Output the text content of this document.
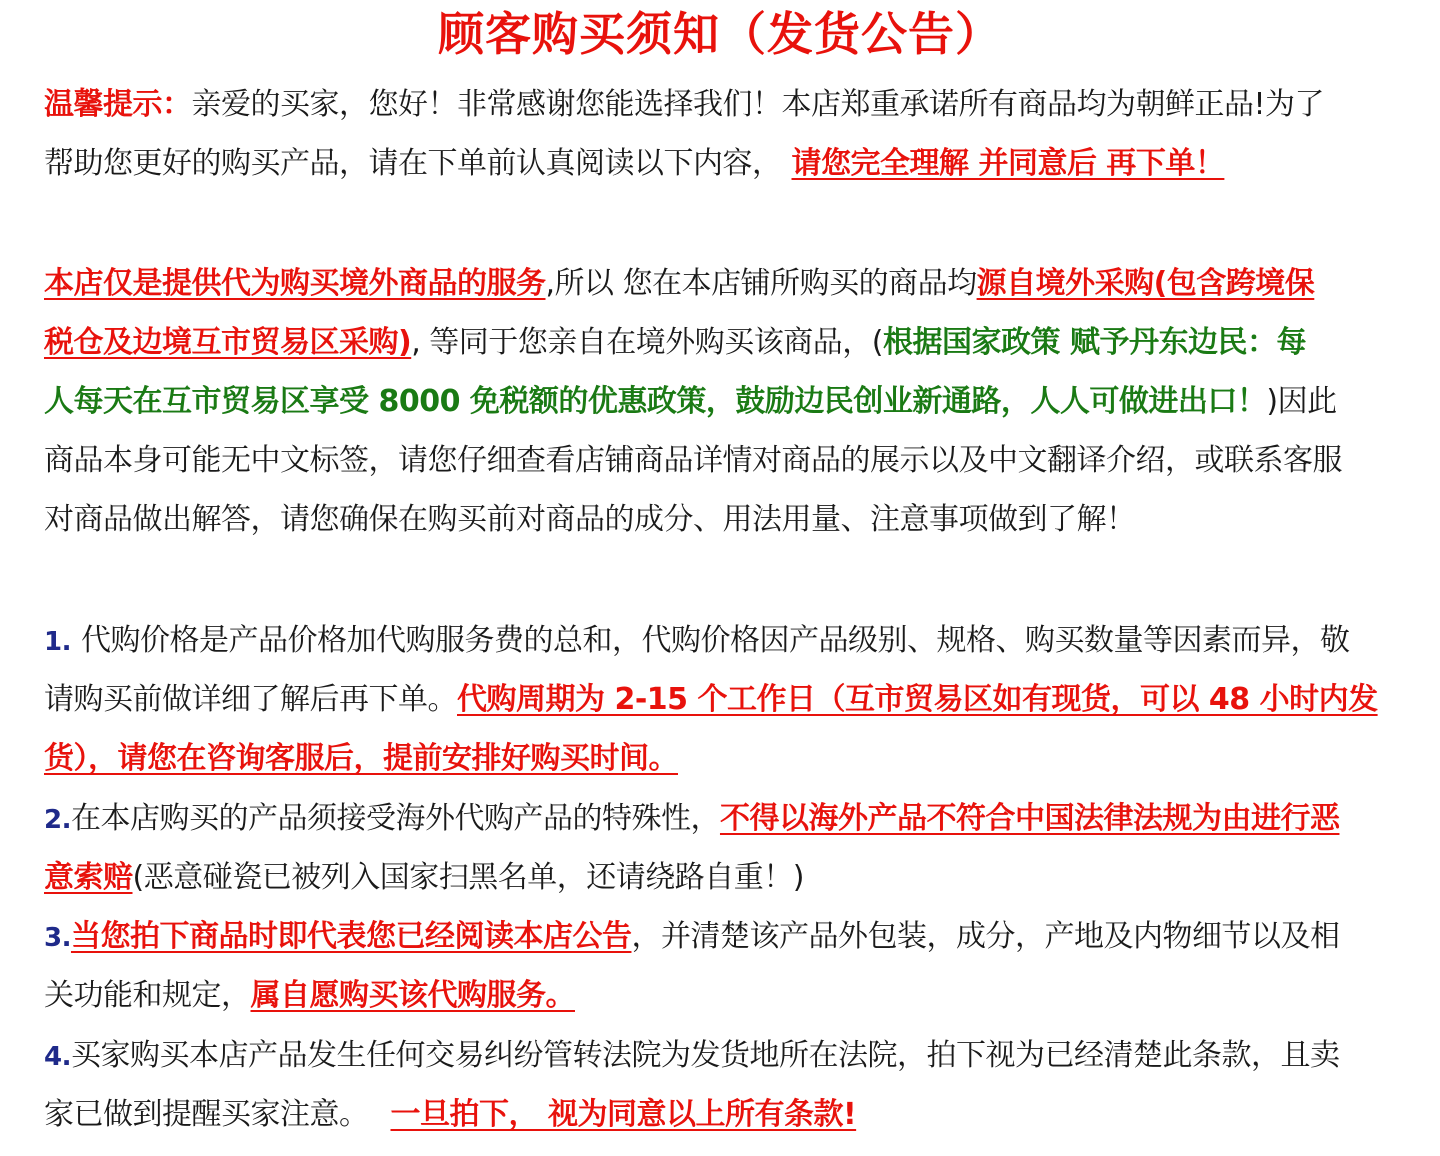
顾客购买须知（发货公告）
温馨提示：亲爱的买家，您好！非常感谢您能选择我们！本店郑重承诺所有商品均为朝鲜正品!为了
帮助您更好的购买产品，请在下单前认真阅读以下内容， 请您完全理解 并同意后 再下单！
本店仅是提供代为购买境外商品的服务,所以 您在本店铺所购买的商品均源自境外采购(包含跨境保
税仓及边境互市贸易区采购), 等同于您亲自在境外购买该商品，(根据国家政策 赋予丹东边民：每
人每天在互市贸易区享受 8000 免税额的优惠政策，鼓励边民创业新通路，人人可做进出口！)因此
商品本身可能无中文标签，请您仔细查看店铺商品详情对商品的展示以及中文翻译介绍，或联系客服
对商品做出解答，请您确保在购买前对商品的成分、用法用量、注意事项做到了解！
1. 代购价格是产品价格加代购服务费的总和，代购价格因产品级别、规格、购买数量等因素而异，敬
请购买前做详细了解后再下单。代购周期为 2-15 个工作日（互市贸易区如有现货，可以 48 小时内发
货），请您在咨询客服后，提前安排好购买时间。
2.在本店购买的产品须接受海外代购产品的特殊性，不得以海外产品不符合中国法律法规为由进行恶
意索赔(恶意碰瓷已被列入国家扫黑名单，还请绕路自重！)
3.当您拍下商品时即代表您已经阅读本店公告，并清楚该产品外包装，成分，产地及内物细节以及相
关功能和规定，属自愿购买该代购服务。
4.买家购买本店产品发生任何交易纠纷管转法院为发货地所在法院，拍下视为已经清楚此条款，且卖
家已做到提醒买家注意。 一旦拍下， 视为同意以上所有条款!
